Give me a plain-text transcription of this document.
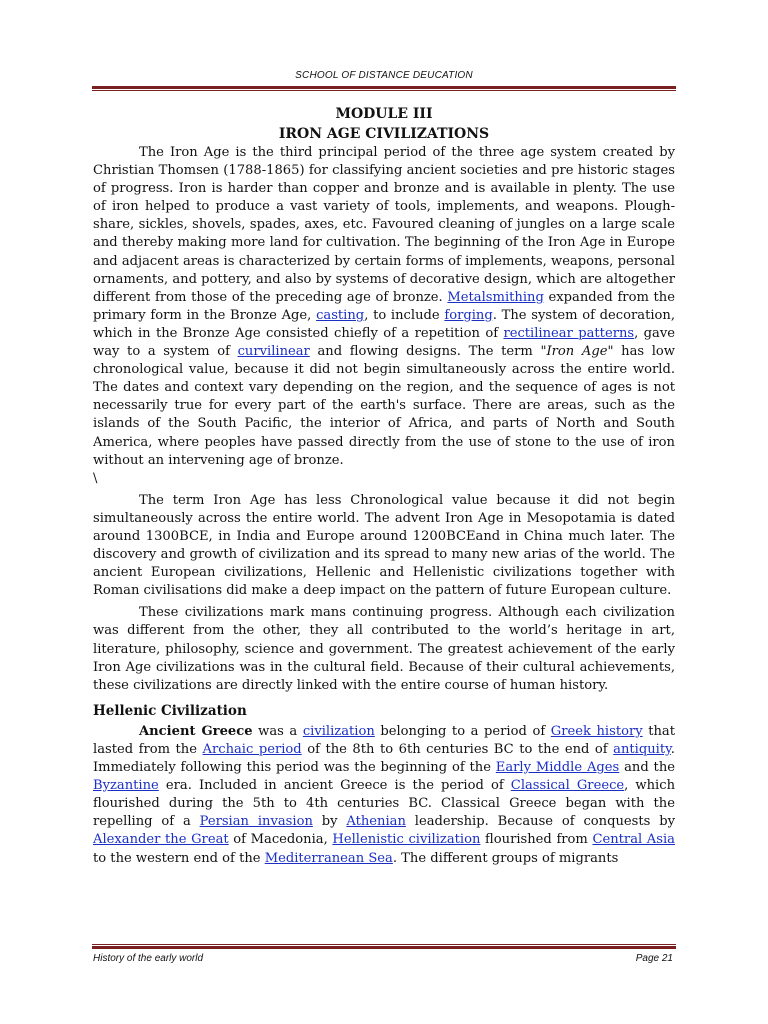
SCHOOL OF DISTANCE DEUCATION
MODULE III
IRON AGE CIVILIZATIONS

The Iron Age is the third principal period of the three age system created by Christian Thomsen (1788-1865) for classifying ancient societies and pre historic stages of progress. Iron is harder than copper and bronze and is available in plenty. The use of iron helped to produce a vast variety of tools, implements, and weapons. Plough-share, sickles, shovels, spades, axes, etc. Favoured cleaning of jungles on a large scale and thereby making more land for cultivation. The beginning of the Iron Age in Europe and adjacent areas is characterized by certain forms of implements, weapons, personal ornaments, and pottery, and also by systems of decorative design, which are altogether different from those of the preceding age of bronze. Metalsmithing expanded from the primary form in the Bronze Age, casting, to include forging. The system of decoration, which in the Bronze Age consisted chiefly of a repetition of rectilinear patterns, gave way to a system of curvilinear and flowing designs. The term "Iron Age" has low chronological value, because it did not begin simultaneously across the entire world. The dates and context vary depending on the region, and the sequence of ages is not necessarily true for every part of the earth's surface. There are areas, such as the islands of the South Pacific, the interior of Africa, and parts of North and South America, where peoples have passed directly from the use of stone to the use of iron without an intervening age of bronze.
\

The term Iron Age has less Chronological value because it did not begin simultaneously across the entire world. The advent Iron Age in Mesopotamia is dated around 1300BCE, in India and Europe around 1200BCEand in China much later. The discovery and growth of civilization and its spread to many new arias of the world. The ancient European civilizations, Hellenic and Hellenistic civilizations together with Roman civilisations did make a deep impact on the pattern of future European culture.

These civilizations mark mans continuing progress. Although each civilization was different from the other, they all contributed to the world’s heritage in art, literature, philosophy, science and government. The greatest achievement of the early Iron Age civilizations was in the cultural field. Because of their cultural achievements, these civilizations are directly linked with the entire course of human history.

Hellenic Civilization

Ancient Greece was a civilization belonging to a period of Greek history that lasted from the Archaic period of the 8th to 6th centuries BC to the end of antiquity. Immediately following this period was the beginning of the Early Middle Ages and the Byzantine era. Included in ancient Greece is the period of Classical Greece, which flourished during the 5th to 4th centuries BC. Classical Greece began with the repelling of a Persian invasion by Athenian leadership. Because of conquests by Alexander the Great of Macedonia, Hellenistic civilization flourished from Central Asia to the western end of the Mediterranean Sea. The different groups of migrants

History of the early world	Page 21
